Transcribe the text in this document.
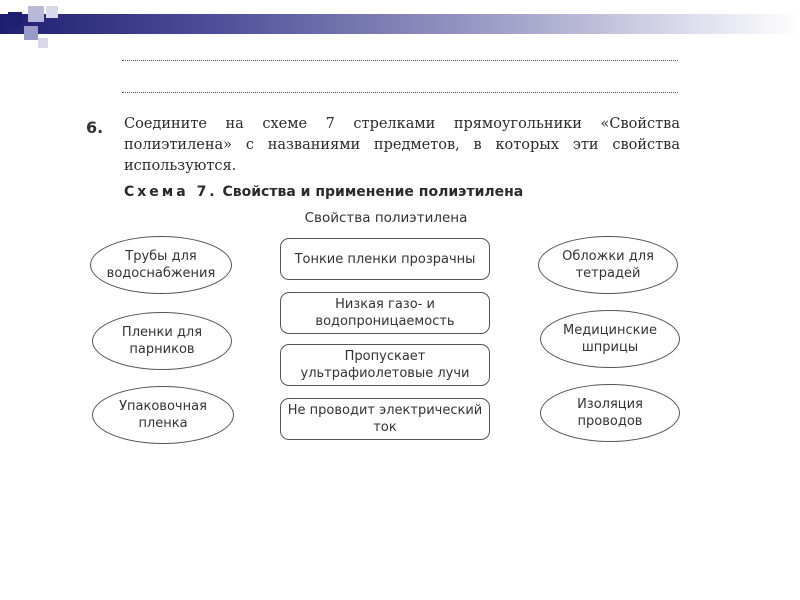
6. Соедините на схеме 7 стрелками прямоугольники «Свойства полиэтилена» с названиями предметов, в которых эти свойства используются.

Схема 7. Свойства и применение полиэтилена
Свойства полиэтилена
Трубы для водоснабжения
Пленки для парников
Упаковочная пленка
Тонкие пленки прозрачны
Низкая газо- и водопроницаемость
Пропускает ультрафиолетовые лучи
Не проводит электрический ток
Обложки для тетрадей
Медицинские шприцы
Изоляция проводов
